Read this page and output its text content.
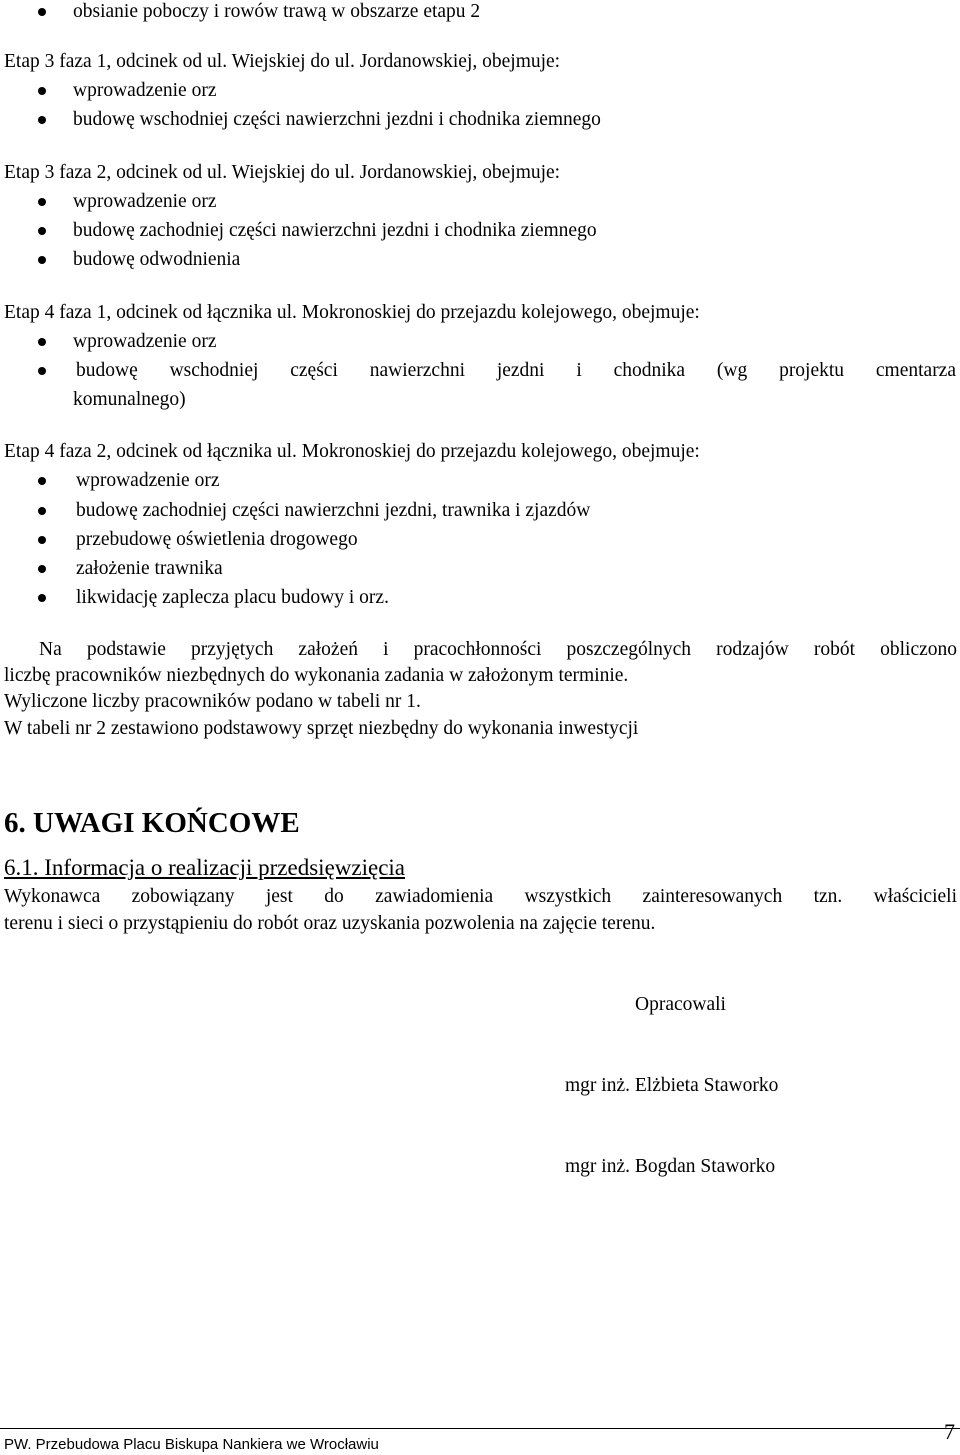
obsianie poboczy i rowów trawą w obszarze etapu 2
Etap 3 faza 1, odcinek od ul. Wiejskiej do ul. Jordanowskiej, obejmuje:
wprowadzenie orz
budowę wschodniej części nawierzchni jezdni i chodnika ziemnego
Etap 3 faza 2, odcinek od ul. Wiejskiej do ul. Jordanowskiej, obejmuje:
wprowadzenie orz
budowę zachodniej części nawierzchni jezdni i chodnika ziemnego
budowę odwodnienia
Etap 4 faza 1, odcinek od łącznika ul. Mokronoskiej do przejazdu kolejowego, obejmuje:
wprowadzenie orz
budowę wschodniej części nawierzchni jezdni i chodnika (wg projektu cmentarza
komunalnego)
Etap 4 faza 2, odcinek od łącznika ul. Mokronoskiej do przejazdu kolejowego, obejmuje:
wprowadzenie orz
budowę zachodniej części nawierzchni jezdni, trawnika i zjazdów
przebudowę oświetlenia drogowego
założenie trawnika
likwidację zaplecza placu budowy i orz.
Na podstawie przyjętych założeń i pracochłonności poszczególnych rodzajów robót obliczono
liczbę pracowników niezbędnych do wykonania zadania w założonym terminie.
Wyliczone liczby pracowników podano w tabeli nr 1.
W tabeli nr 2 zestawiono podstawowy sprzęt niezbędny do wykonania inwestycji
6. UWAGI KOŃCOWE
6.1. Informacja o realizacji przedsięwzięcia
Wykonawca zobowiązany jest do zawiadomienia wszystkich zainteresowanych tzn. właścicieli
terenu i sieci o przystąpieniu do robót oraz uzyskania pozwolenia na zajęcie terenu.
Opracowali
mgr inż. Elżbieta Staworko
mgr inż. Bogdan Staworko
PW. Przebudowa Placu Biskupa Nankiera we Wrocławiu
7
